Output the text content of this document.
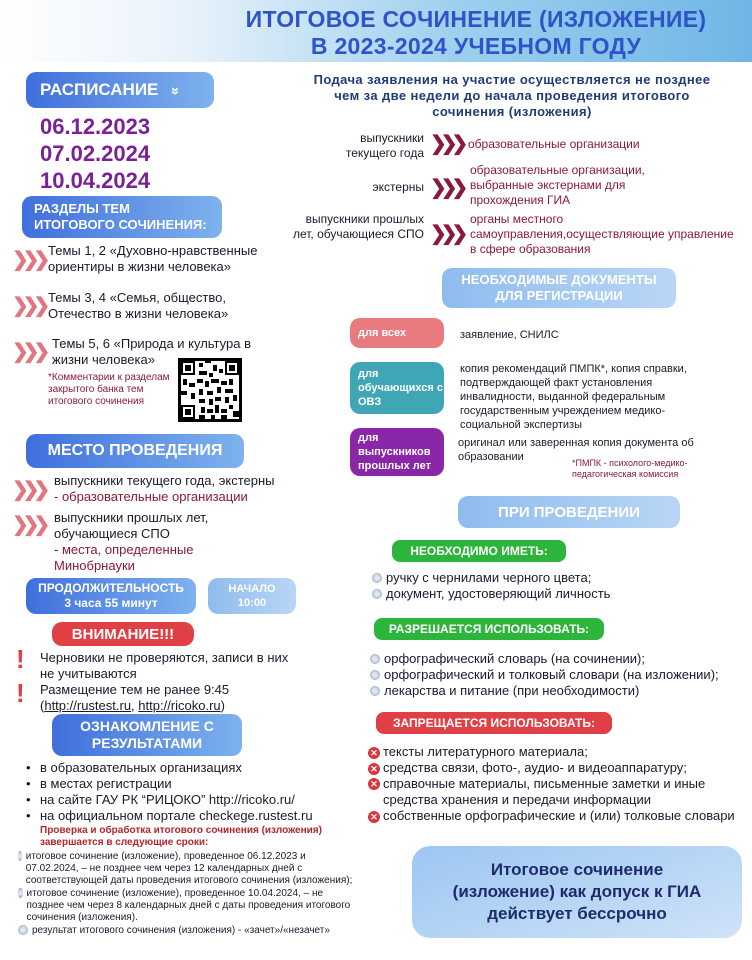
ИТОГОВОЕ СОЧИНЕНИЕ (ИЗЛОЖЕНИЕ)
В 2023-2024 УЧЕБНОМ ГОДУ
РАСПИСАНИЕ »
06.12.2023
07.02.2024
10.04.2024
РАЗДЕЛЫ ТЕМ ИТОГОВОГО СОЧИНЕНИЯ:
❯❯❯ Темы 1, 2 «Духовно-нравственные ориентиры в жизни человека»
❯❯❯ Темы 3, 4 «Семья, общество, Отечество в жизни человека»
❯❯❯ Темы 5, 6 «Природа и культура в жизни человека»
*Комментарии к разделам закрытого банка тем итогового сочинения
МЕСТО ПРОВЕДЕНИЯ
❯❯❯ выпускники текущего года, экстерны
- образовательные организации
❯❯❯ выпускники прошлых лет, обучающиеся СПО
- места, определенные Минобрнауки
ПРОДОЛЖИТЕЛЬНОСТЬ
3 часа 55 минут
НАЧАЛО
10:00
ВНИМАНИЕ!!!
!
!
Черновики не проверяются, записи в них не учитываются
Размещение тем не ранее 9:45
(http://rustest.ru, http://ricoko.ru)
ОЗНАКОМЛЕНИЕ С РЕЗУЛЬТАТАМИ
• в образовательных организациях
• в местах регистрации
• на сайте ГАУ РК “РИЦОКО” http://ricoko.ru/
• на официальном портале checkege.rustest.ru
Проверка и обработка итогового сочинения (изложения) завершается в следующие сроки:
итоговое сочинение (изложение), проведенное 06.12.2023 и 07.02.2024, – не позднее чем через 12 календарных дней с соответствующей даты проведения итогового сочинения (изложения);
итоговое сочинение (изложение), проведенное 10.04.2024, – не позднее чем через 8 календарных дней с даты проведения итогового сочинения (изложения).
результат итогового сочинения (изложения) - «зачет»/«незачет»
Подача заявления на участие осуществляется не позднее чем за две недели до начала проведения итогового сочинения (изложения)
выпускники текущего года ❯❯❯ образовательные организации
экстерны ❯❯❯
образовательные организации, выбранные экстернами для прохождения ГИА
выпускники прошлых лет, обучающиеся СПО ❯❯❯
органы местного самоуправления,осуществляющие управление в сфере образования
НЕОБХОДИМЫЕ ДОКУМЕНТЫ ДЛЯ РЕГИСТРАЦИИ
для всех	заявление, СНИЛС
для обучающихся с ОВЗ
копия рекомендаций ПМПК*, копия справки, подтверждающей факт установления инвалидности, выданной федеральным государственным учреждением медико-социальной экспертизы
для выпускников прошлых лет
оригинал или заверенная копия документа об образовании	*ПМПК - психолого-медико-педагогическая комиссия
ПРИ ПРОВЕДЕНИИ
НЕОБХОДИМО ИМЕТЬ:
ручку с чернилами черного цвета;
документ, удостоверяющий личность
РАЗРЕШАЕТСЯ ИСПОЛЬЗОВАТЬ:
орфографический словарь (на сочинении);
орфографический и толковый словари (на изложении);
лекарства и питание (при необходимости)
ЗАПРЕЩАЕТСЯ ИСПОЛЬЗОВАТЬ:
✕ тексты литературного материала;
✕ средства связи, фото-, аудио- и видеоаппаратуру;
✕ справочные материалы, письменные заметки и иные средства хранения и передачи информации
✕ собственные орфографические и (или) толковые словари
Итоговое сочинение (изложение) как допуск к ГИА действует бессрочно
